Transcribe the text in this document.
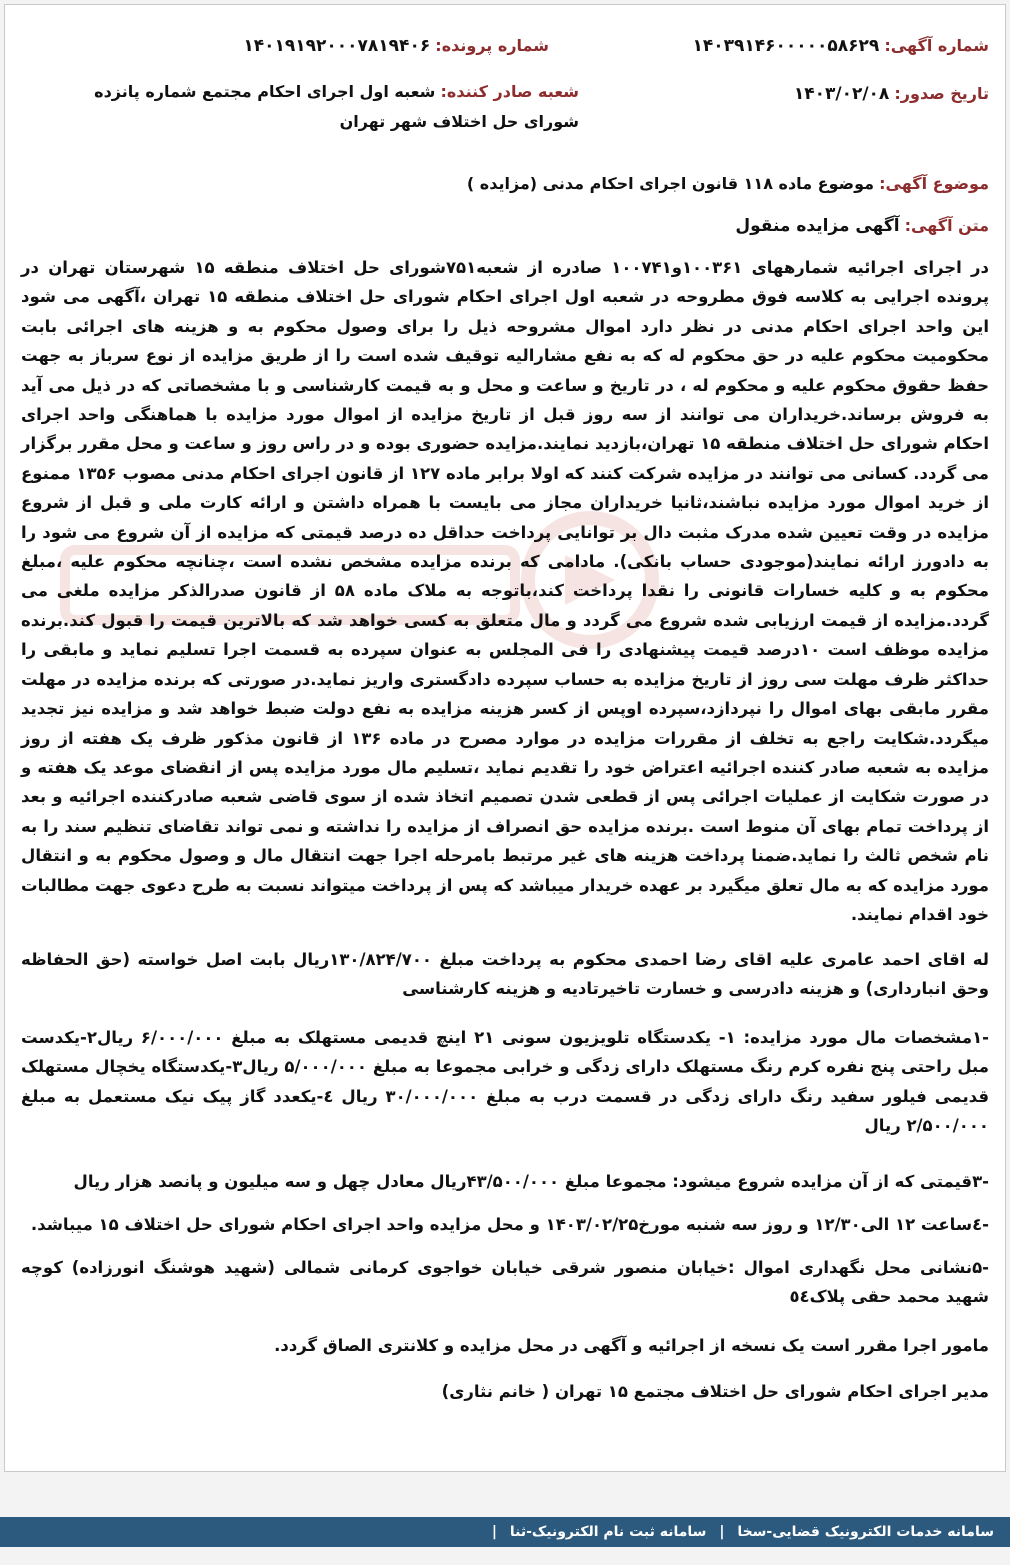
شماره آگهی: ۱۴۰۳۹۱۴۶۰۰۰۰۰۵۸۶۲۹
شماره پرونده: ۱۴۰۱۹۱۹۲۰۰۰۷۸۱۹۴۰۶
تاریخ صدور: ۱۴۰۳/۰۲/۰۸
شعبه صادر کننده: شعبه اول اجرای احکام مجتمع شماره پانزده شورای حل اختلاف شهر تهران
موضوع آگهی: موضوع ماده ۱۱۸ قانون اجرای احکام مدنی (مزایده )
متن آگهی: آگهی مزایده منقول
در اجرای اجرائیه شمارههای ۱۰۰۳۶۱و۱۰۰۷۴۱ صادره از شعبه۷۵۱شورای حل اختلاف منطقه ۱۵ شهرستان تهران در پرونده اجرایی به کلاسه فوق مطروحه در شعبه اول اجرای احکام شورای حل اختلاف منطقه ۱۵ تهران ،آگهی می شود این واحد اجرای احکام مدنی در نظر دارد اموال مشروحه ذیل را برای وصول محکوم به و هزینه های اجرائی بابت محکومیت محکوم علیه در حق محکوم له که به نفع مشارالیه توقیف شده است را از طریق مزایده از نوع سرباز به جهت حفظ حقوق محکوم علیه و محکوم له ، در تاریخ و ساعت و محل و به قیمت کارشناسی و با مشخصاتی که در ذیل می آید به فروش برساند.خریداران می توانند از سه روز قبل از تاریخ مزایده از اموال مورد مزایده با هماهنگی واحد اجرای احکام شورای حل اختلاف منطقه ۱۵ تهران،بازدید نمایند.مزایده حضوری بوده و در راس روز و ساعت و محل مقرر برگزار می گردد. کسانی می توانند در مزایده شرکت کنند که اولا برابر ماده ۱۲۷ از قانون اجرای احکام مدنی مصوب ۱۳۵۶ ممنوع از خرید اموال مورد مزایده نباشند،ثانیا خریداران مجاز می بایست با همراه داشتن و ارائه کارت ملی و قبل از شروع مزایده در وقت تعیین شده مدرک مثبت دال بر توانایی پرداخت حداقل ده درصد قیمتی که مزایده از آن شروع می شود را به دادورز ارائه نمایند(موجودی حساب بانکی). مادامی که برنده مزایده مشخص نشده است ،چنانچه محکوم علیه ،مبلغ محکوم به و کلیه خسارات قانونی را نقدا پرداخت کند،باتوجه به ملاک ماده ۵۸ از قانون صدرالذکر مزایده ملغی می گردد.مزایده از قیمت ارزیابی شده شروع می گردد و مال متعلق به کسی خواهد شد که بالاترین قیمت را قبول کند.برنده مزایده موظف است ۱۰درصد قیمت پیشنهادی را فی المجلس به عنوان سپرده به قسمت اجرا تسلیم نماید و مابقی را حداکثر ظرف مهلت سی روز از تاریخ مزایده به حساب سپرده دادگستری واریز نماید.در صورتی که برنده مزایده در مهلت مقرر مابقی بهای اموال را نپردازد،سپرده اوپس از کسر هزینه مزایده به نفع دولت ضبط خواهد شد و مزایده نیز تجدید میگردد.شکایت راجع به تخلف از مقررات مزایده در موارد مصرح در ماده ۱۳۶ از قانون مذکور ظرف یک هفته از روز مزایده به شعبه صادر کننده اجرائیه اعتراض خود را تقدیم نماید ،تسلیم مال مورد مزایده پس از انقضای موعد یک هفته و در صورت شکایت از عملیات اجرائی پس از قطعی شدن تصمیم اتخاذ شده از سوی قاضی شعبه صادرکننده اجرائیه و بعد از پرداخت تمام بهای آن منوط است .برنده مزایده حق انصراف از مزایده را نداشته و نمی تواند تقاضای تنظیم سند را به نام شخص ثالث را نماید.ضمنا پرداخت هزینه های غیر مرتبط بامرحله اجرا جهت انتقال مال و وصول محکوم به و انتقال مورد مزایده که به مال تعلق میگیرد بر عهده خریدار میباشد که پس از پرداخت میتواند نسبت به طرح دعوی جهت مطالبات خود اقدام نمایند.
له اقای احمد عامری علیه اقای رضا احمدی محکوم به پرداخت مبلغ ۱۳۰/۸۲۴/۷۰۰ریال بابت اصل خواسته (حق الحفاظه وحق انبارداری) و هزینه دادرسی و خسارت تاخیرتادیه و هزینه کارشناسی
-۱مشخصات مال مورد مزایده: ۱- یکدستگاه تلویزیون سونی ۲۱ اینچ قدیمی مستهلک به مبلغ ۶/۰۰۰/۰۰۰ ریال۲-یکدست مبل راحتی پنج نفره کرم رنگ مستهلک دارای زدگی و خرابی مجموعا به مبلغ ۵/۰۰۰/۰۰۰ ریال۳-یکدستگاه یخچال مستهلک قدیمی فیلور سفید رنگ دارای زدگی در قسمت درب به مبلغ ۳۰/۰۰۰/۰۰۰ ریال ٤-یکعدد گاز پیک نیک مستعمل به مبلغ ۲/۵۰۰/۰۰۰ ریال
-۳قیمتی که از آن مزایده شروع میشود: مجموعا مبلغ ۴۳/۵۰۰/۰۰۰ریال معادل چهل و سه میلیون و پانصد هزار ریال
-٤ساعت ۱۲ الی۱۲/۳۰ و روز سه شنبه مورخ۱۴۰۳/۰۲/۲۵ و محل مزایده واحد اجرای احکام شورای حل اختلاف ۱۵ میباشد.
-۵نشانی محل نگهداری اموال :خیابان منصور شرقی خیابان خواجوی کرمانی شمالی (شهید هوشنگ انورزاده) کوچه شهید محمد حقی پلاک٥٤
مامور اجرا مقرر است یک نسخه از اجرائیه و آگهی در محل مزایده و کلانتری الصاق گردد.
مدیر اجرای احکام شورای حل اختلاف مجتمع ۱۵ تهران ( خانم نثاری)
سامانه خدمات الکترونیک قضایی-سخا | سامانه ثبت نام الکترونیک-ثنا |
